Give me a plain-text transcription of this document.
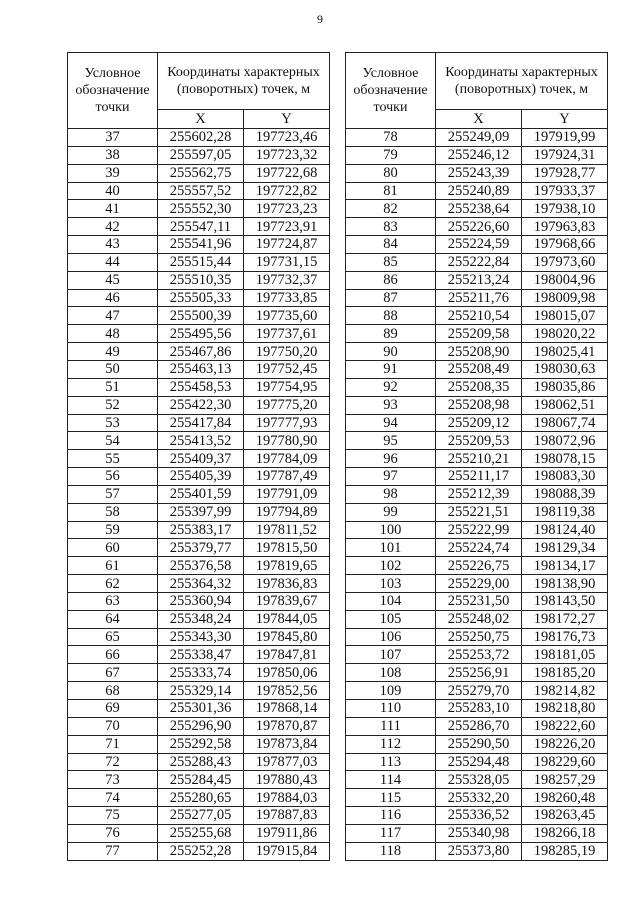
9
Условное обозначение точки	Координаты характерных (поворотных) точек, м	
	X	Y
37	255602,28	197723,46
38	255597,05	197723,32
39	255562,75	197722,68
40	255557,52	197722,82
41	255552,30	197723,23
42	255547,11	197723,91
43	255541,96	197724,87
44	255515,44	197731,15
45	255510,35	197732,37
46	255505,33	197733,85
47	255500,39	197735,60
48	255495,56	197737,61
49	255467,86	197750,20
50	255463,13	197752,45
51	255458,53	197754,95
52	255422,30	197775,20
53	255417,84	197777,93
54	255413,52	197780,90
55	255409,37	197784,09
56	255405,39	197787,49
57	255401,59	197791,09
58	255397,99	197794,89
59	255383,17	197811,52
60	255379,77	197815,50
61	255376,58	197819,65
62	255364,32	197836,83
63	255360,94	197839,67
64	255348,24	197844,05
65	255343,30	197845,80
66	255338,47	197847,81
67	255333,74	197850,06
68	255329,14	197852,56
69	255301,36	197868,14
70	255296,90	197870,87
71	255292,58	197873,84
72	255288,43	197877,03
73	255284,45	197880,43
74	255280,65	197884,03
75	255277,05	197887,83
76	255255,68	197911,86
77	255252,28	197915,84
Условное обозначение точки	Координаты характерных (поворотных) точек, м	
	X	Y
78	255249,09	197919,99
79	255246,12	197924,31
80	255243,39	197928,77
81	255240,89	197933,37
82	255238,64	197938,10
83	255226,60	197963,83
84	255224,59	197968,66
85	255222,84	197973,60
86	255213,24	198004,96
87	255211,76	198009,98
88	255210,54	198015,07
89	255209,58	198020,22
90	255208,90	198025,41
91	255208,49	198030,63
92	255208,35	198035,86
93	255208,98	198062,51
94	255209,12	198067,74
95	255209,53	198072,96
96	255210,21	198078,15
97	255211,17	198083,30
98	255212,39	198088,39
99	255221,51	198119,38
100	255222,99	198124,40
101	255224,74	198129,34
102	255226,75	198134,17
103	255229,00	198138,90
104	255231,50	198143,50
105	255248,02	198172,27
106	255250,75	198176,73
107	255253,72	198181,05
108	255256,91	198185,20
109	255279,70	198214,82
110	255283,10	198218,80
111	255286,70	198222,60
112	255290,50	198226,20
113	255294,48	198229,60
114	255328,05	198257,29
115	255332,20	198260,48
116	255336,52	198263,45
117	255340,98	198266,18
118	255373,80	198285,19
